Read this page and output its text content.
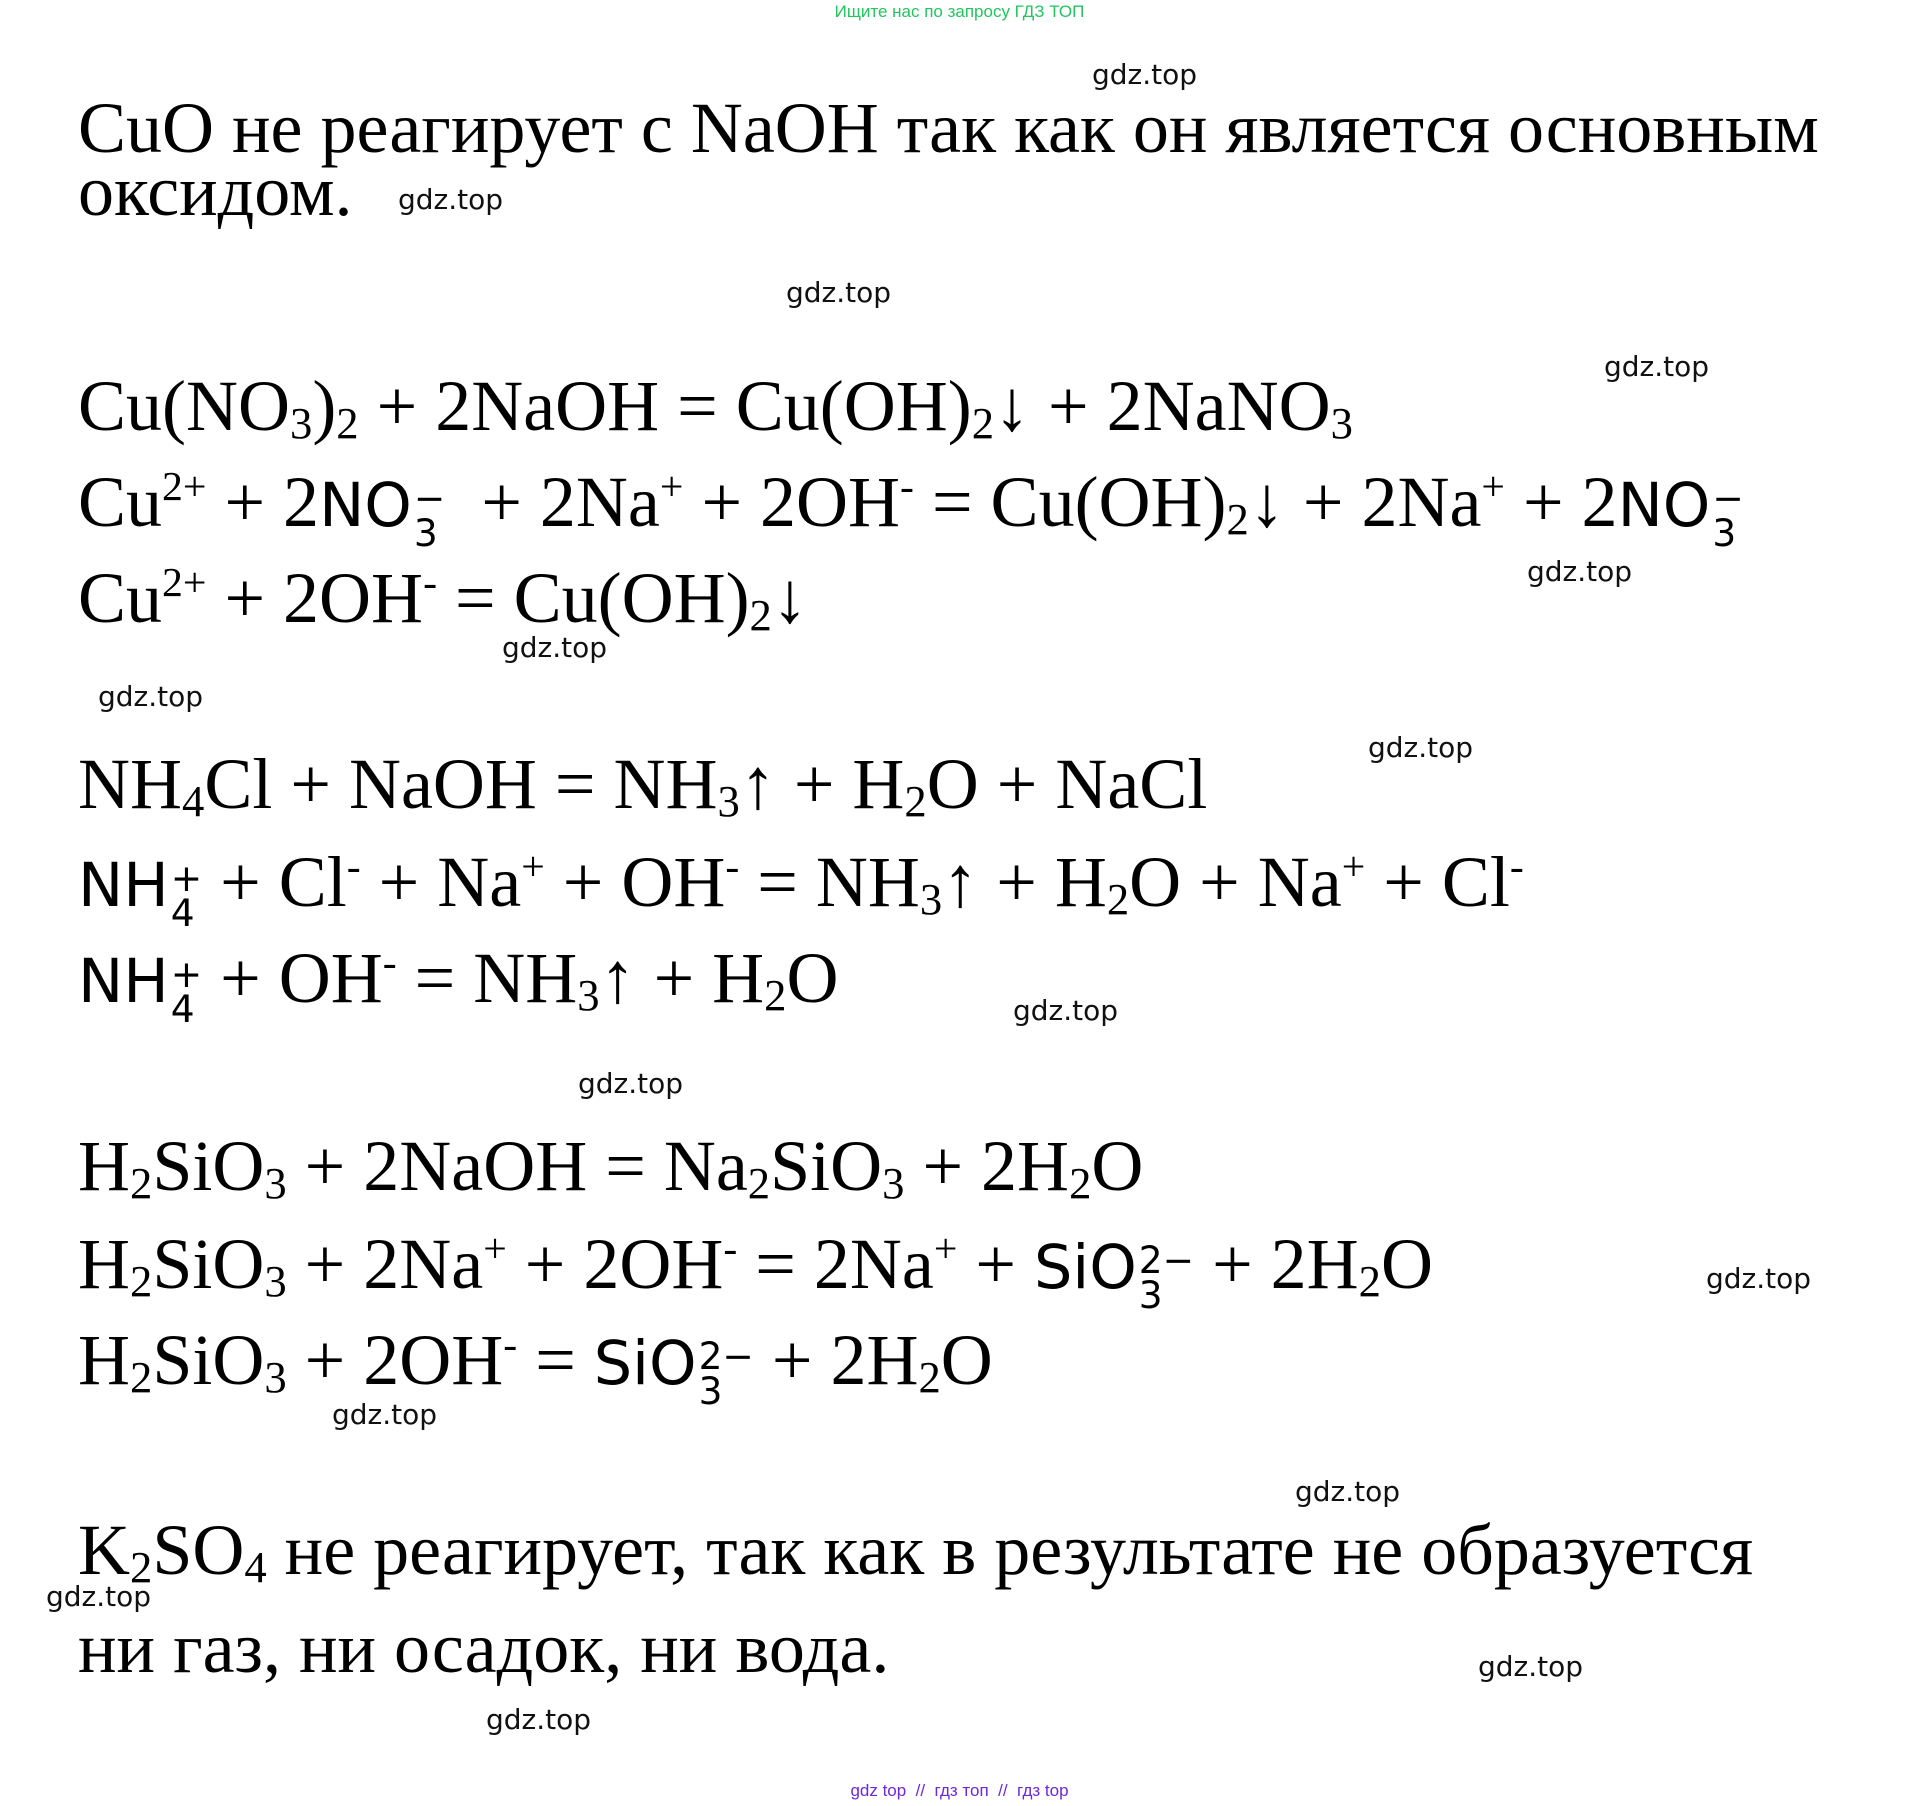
Ищите нас по запросу ГДЗ ТОП
CuO не реагирует с NaOH так как он является основным
оксидом.
$Cu(NO_3)_2$ + 2NaOH = $Cu(OH)_2↓$ + 2NaNO$_3$
$Cu^{2+} + 2NO$ −
$3 + 2Na^+ + 2OH^- = Cu(OH)_2↓ + 2Na^+ + 2NO$ −
3
$Cu^{2+} + 2OH^-$ = $Cu(OH)_2↓$
$NH_4Cl$ + NaOH = $NH_3↑ + H_2O$ + NaCl
NH +
$4 + Cl^- + Na^+ + OH^- = NH_3↑ + H_2O + Na^+ + Cl^-$
NH +
$4 + OH^- = NH_3↑ + H_2O$
$H_2SiO_3$ + 2NaOH = $Na_2SiO_3 + 2H_2O$
$H_2SiO_3 + 2Na^+ + 2OH^- = 2Na^+$ + SiO 2−
$3 + 2H_2O$
$H_2SiO_3 + 2OH^-$ = SiO 2−
$3 + 2H_2O$
$K_2SO_4$ не реагирует, так как в результате не образуется
ни газ, ни осадок, ни вода.
gdz.top
gdz.top
gdz.top
gdz.top
gdz.top
gdz.top
gdz.top
gdz.top
gdz.top
gdz.top
gdz.top
gdz.top
gdz.top
gdz.top
gdz.top
gdz.top
gdz top  //  гдз топ  //  гдз top
